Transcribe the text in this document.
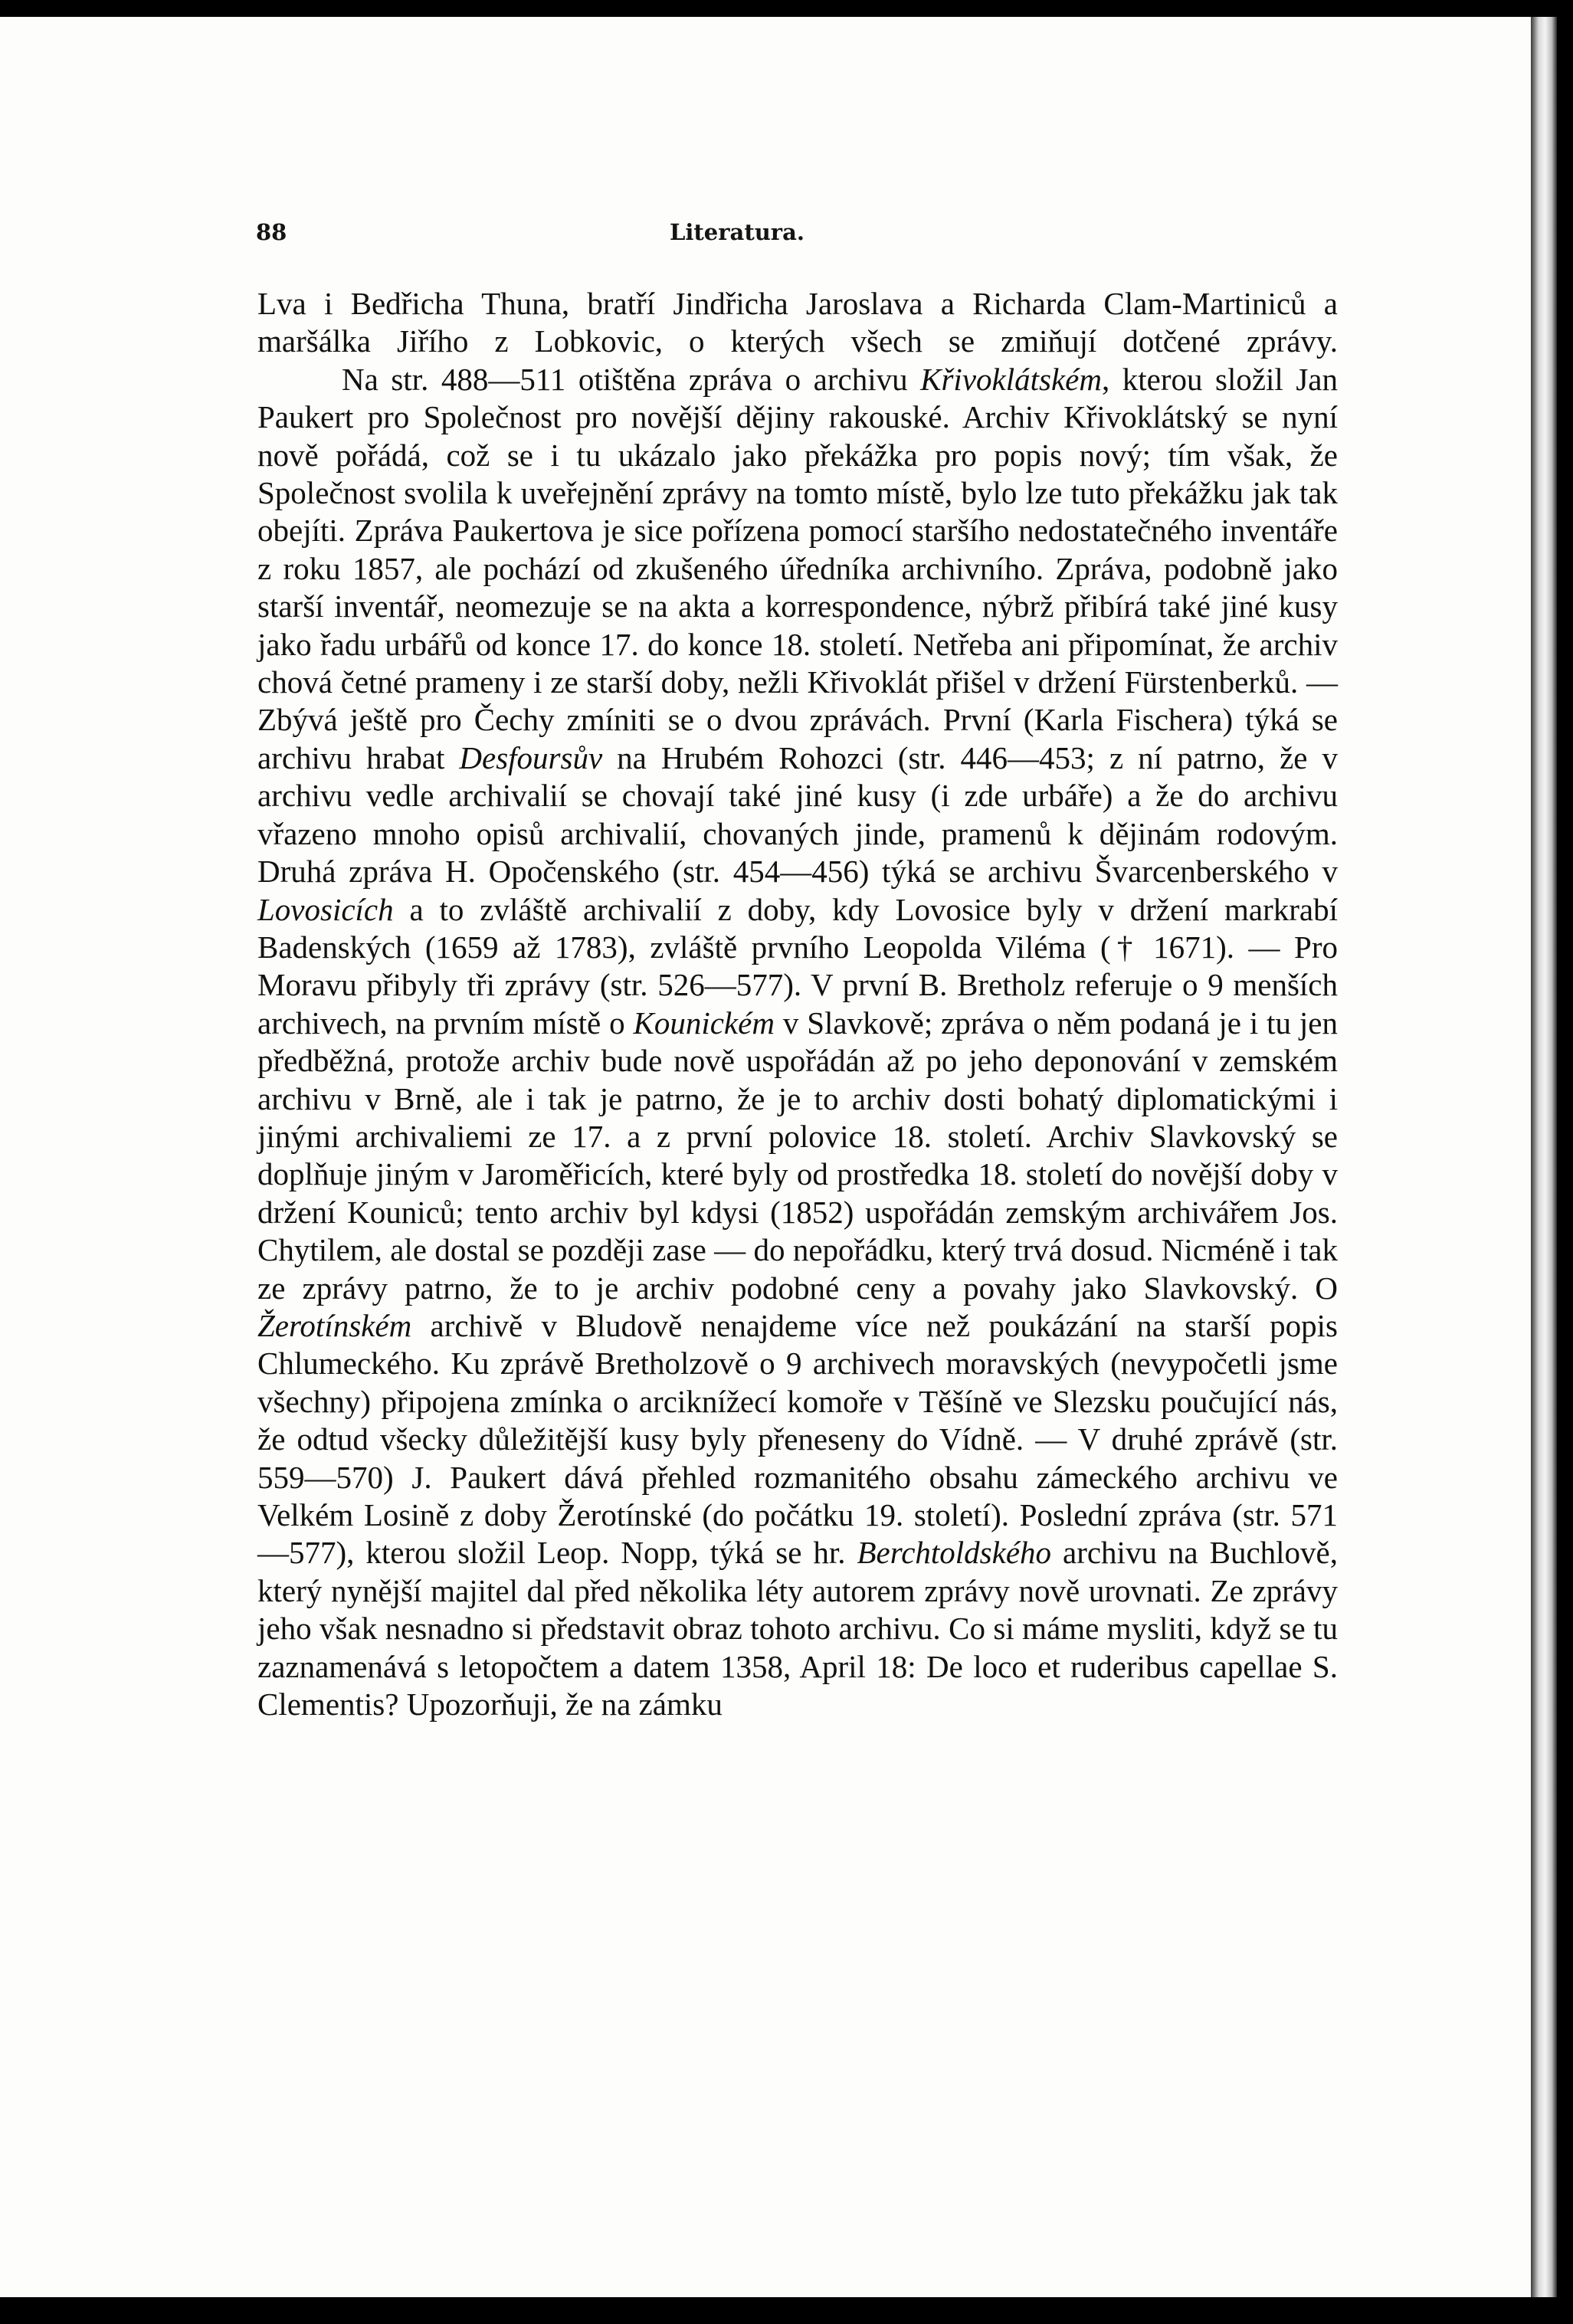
88	Literatura.

Lva i Bedřicha Thuna, bratří Jindřicha Jaroslava a Richarda Clam-Martiniců a maršálka Jiřího z Lobkovic, o kterých všech se zmiňují dotčené zprávy.

Na str. 488—511 otištěna zpráva o archivu Křivoklátském, kterou složil Jan Paukert pro Společnost pro novější dějiny rakouské. Archiv Křivoklátský se nyní nově pořádá, což se i tu ukázalo jako překážka pro popis nový; tím však, že Společnost svolila k uveřejnění zprávy na tomto místě, bylo lze tuto překážku jak tak obejíti. Zpráva Paukertova je sice pořízena pomocí staršího nedostatečného inventáře z roku 1857, ale pochází od zkušeného úředníka archivního. Zpráva, podobně jako starší inventář, neomezuje se na akta a korrespondence, nýbrž přibírá také jiné kusy jako řadu urbářů od konce 17. do konce 18. století. Netřeba ani připomínat, že archiv chová četné prameny i ze starší doby, nežli Křivoklát přišel v držení Fürstenberků. — Zbývá ještě pro Čechy zmíniti se o dvou zprávách. První (Karla Fischera) týká se archivu hrabat Desfoursův na Hrubém Rohozci (str. 446—453; z ní patrno, že v archivu vedle archivalií se chovají také jiné kusy (i zde urbáře) a že do archivu vřazeno mnoho opisů archivalií, chovaných jinde, pramenů k dějinám rodovým. Druhá zpráva H. Opočenského (str. 454—456) týká se archivu Švarcenberského v Lovosicích a to zvláště archivalií z doby, kdy Lovosice byly v držení markrabí Badenských (1659 až 1783), zvláště prvního Leopolda Viléma († 1671). — Pro Moravu přibyly tři zprávy (str. 526—577). V první B. Bretholz referuje o 9 menších archivech, na prvním místě o Kounickém v Slavkově; zpráva o něm podaná je i tu jen předběžná, protože archiv bude nově uspořádán až po jeho deponování v zemském archivu v Brně, ale i tak je patrno, že je to archiv dosti bohatý diplomatickými i jinými archivaliemi ze 17. a z první polovice 18. století. Archiv Slavkovský se doplňuje jiným v Jaroměřicích, které byly od prostředka 18. století do novější doby v držení Kouniců; tento archiv byl kdysi (1852) uspořádán zemským archivářem Jos. Chytilem, ale dostal se později zase — do nepořádku, který trvá dosud. Nicméně i tak ze zprávy patrno, že to je archiv podobné ceny a povahy jako Slavkovský. O Žerotínském archivě v Bludově nenajdeme více než poukázání na starší popis Chlumeckého. Ku zprávě Bretholzově o 9 archivech moravských (nevypočetli jsme všechny) připojena zmínka o arciknížecí komoře v Těšíně ve Slezsku poučující nás, že odtud všecky důležitější kusy byly přeneseny do Vídně. — V druhé zprávě (str. 559—570) J. Paukert dává přehled rozmanitého obsahu zámeckého archivu ve Velkém Losině z doby Žerotínské (do počátku 19. století). Poslední zpráva (str. 571—577), kterou složil Leop. Nopp, týká se hr. Berchtoldského archivu na Buchlově, který nynější majitel dal před několika léty autorem zprávy nově urovnati. Ze zprávy jeho však nesnadno si představit obraz tohoto archivu. Co si máme mysliti, když se tu zaznamenává s letopočtem a datem 1358, April 18: De loco et ruderibus capellae S. Clementis? Upozorňuji, že na zámku
